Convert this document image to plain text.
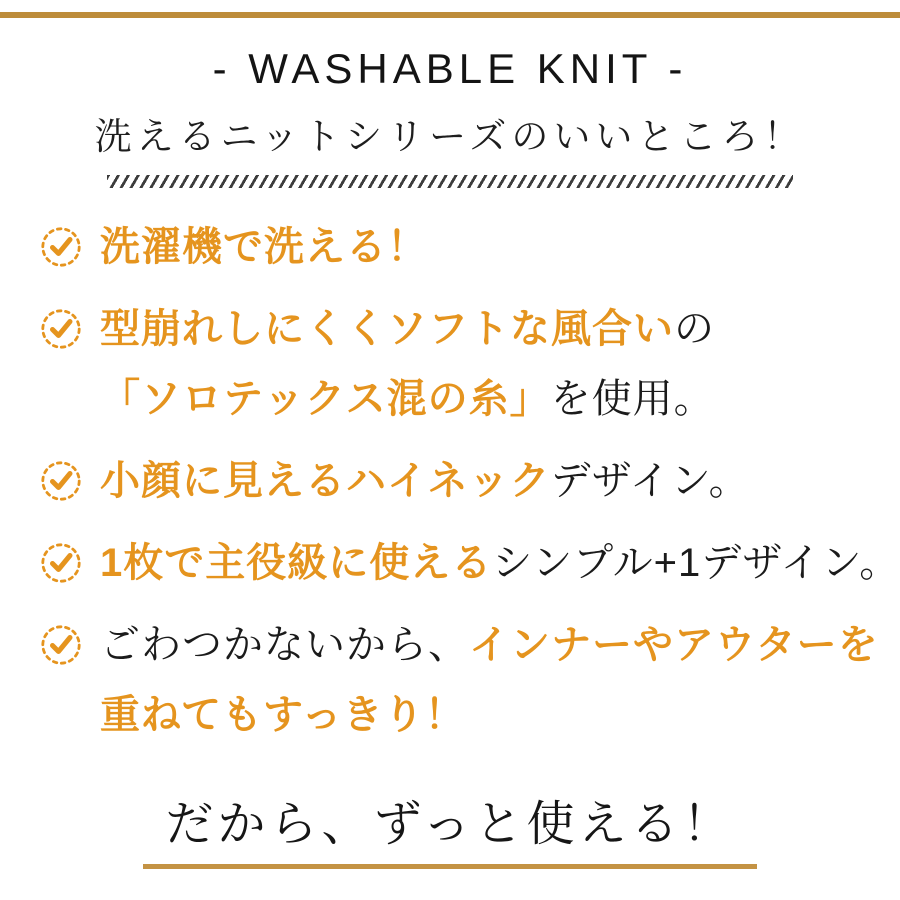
- WASHABLE KNIT -
洗えるニットシリーズのいいところ！
洗濯機で洗える！
型崩れしにくくソフトな風合いの
「ソロテックス混の糸」を使用。
小顔に見えるハイネックデザイン。
1枚で主役級に使えるシンプル+1デザイン。
ごわつかないから、インナーやアウターを
重ねてもすっきり！
だから、ずっと使える！
